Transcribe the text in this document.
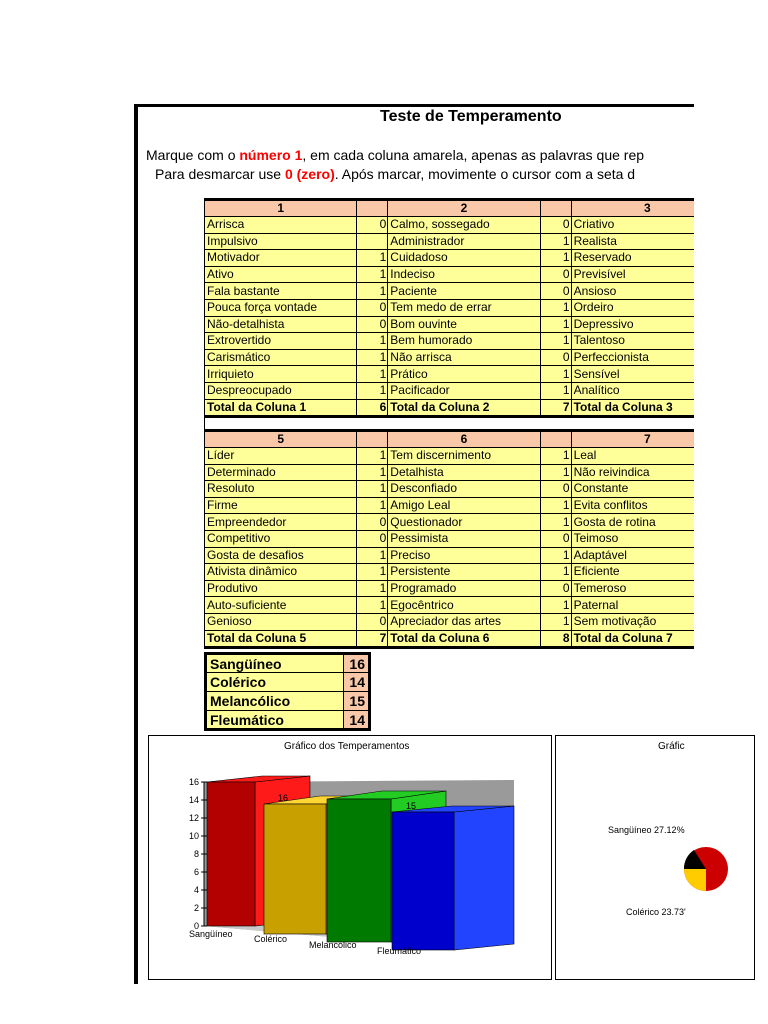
Teste de Temperamento
Marque com o número 1, em cada coluna amarela, apenas as palavras que rep
Para desmarcar use 0 (zero). Após marcar, movimente o cursor com a seta d
1		2		3
Arrisca	0	Calmo, sossegado	0	Criativo
Impulsivo		Administrador	1	Realista
Motivador	1	Cuidadoso	1	Reservado
Ativo	1	Indeciso	0	Previsível
Fala bastante	1	Paciente	0	Ansioso
Pouca força vontade	0	Tem medo de errar	1	Ordeiro
Não-detalhista	0	Bom ouvinte	1	Depressivo
Extrovertido	1	Bem humorado	1	Talentoso
Carismático	1	Não arrisca	0	Perfeccionista
Irriquieto	1	Prático	1	Sensível
Despreocupado	1	Pacificador	1	Analítico
Total da Coluna 1	6	Total da Coluna 2	7	Total da Coluna 3
5		6		7
Líder	1	Tem discernimento	1	Leal
Determinado	1	Detalhista	1	Não reivindica
Resoluto	1	Desconfiado	0	Constante
Firme	1	Amigo Leal	1	Evita conflitos
Empreendedor	0	Questionador	1	Gosta de rotina
Competitivo	0	Pessimista	0	Teimoso
Gosta de desafios	1	Preciso	1	Adaptável
Ativista dinâmico	1	Persistente	1	Eficiente
Produtivo	1	Programado	0	Temeroso
Auto-suficiente	1	Egocêntrico	1	Paternal
Genioso	0	Apreciador das artes	1	Sem motivação
Total da Coluna 5	7	Total da Coluna 6	8	Total da Coluna 7
Sangüíneo	16
Colérico	14
Melancólico	15
Fleumático	14
Gráfico dos Temperamentos
0
2
4
6
8
10
12
14
16
16
15
Sangüíneo Colérico
Melancólico
Fleumático
Gráfic
Sangüíneo 27.12%
Colérico 23.73'
